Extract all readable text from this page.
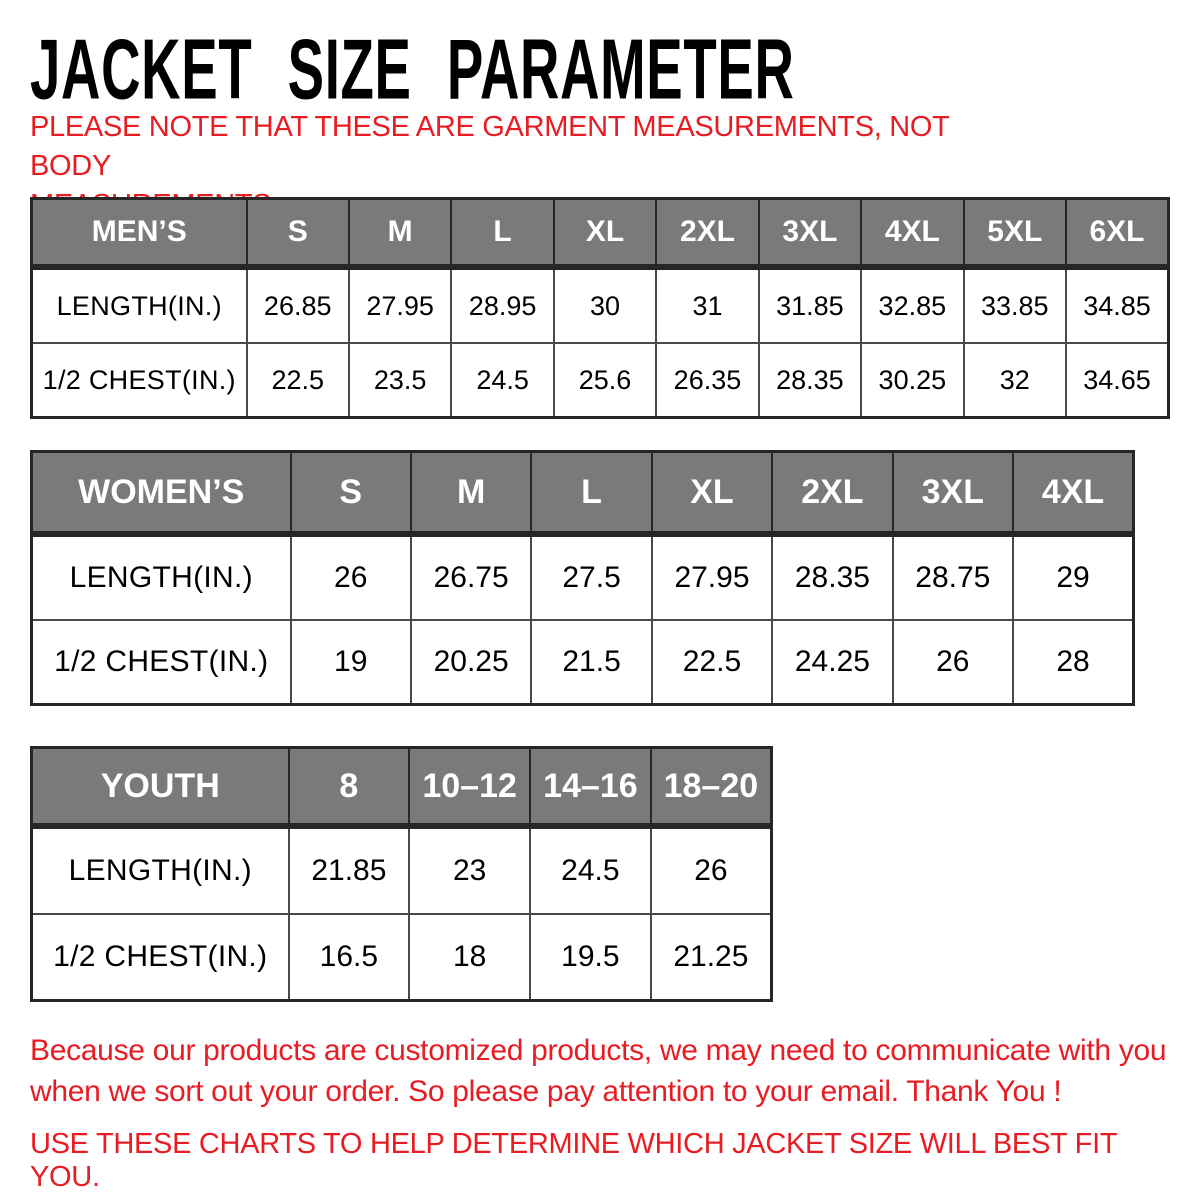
JACKET SIZE PARAMETER
PLEASE NOTE THAT THESE ARE GARMENT MEASUREMENTS, NOT BODY
MEN’S	S	M	L	XL	2XL	3XL	4XL	5XL	6XL
LENGTH(IN.)	26.85	27.95	28.95	30	31	31.85	32.85	33.85	34.85
1/2 CHEST(IN.)	22.5	23.5	24.5	25.6	26.35	28.35	30.25	32	34.65
WOMEN’S	S	M	L	XL	2XL	3XL	4XL
LENGTH(IN.)	26	26.75	27.5	27.95	28.35	28.75	29
1/2 CHEST(IN.)	19	20.25	21.5	22.5	24.25	26	28
YOUTH	8	10–12	14–16	18–20
LENGTH(IN.)	21.85	23	24.5	26
1/2 CHEST(IN.)	16.5	18	19.5	21.25
Because our products are customized products, we may need to communicate with you
when we sort out your order. So please pay attention to your email. Thank You !
USE THESE CHARTS TO HELP DETERMINE WHICH JACKET SIZE WILL BEST FIT YOU.
